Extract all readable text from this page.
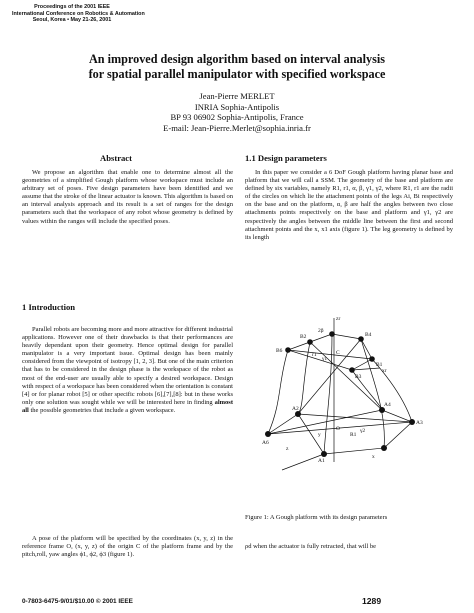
Proceedings of the 2001 IEEE
International Conference on Robotics & Automation
Seoul, Korea • May 21-26, 2001
An improved design algorithm based on interval analysis
for spatial parallel manipulator with specified workspace
Jean-Pierre MERLET
INRIA Sophia-Antipolis
BP 93 06902 Sophia-Antipolis, France
E-mail: Jean-Pierre.Merlet@sophia.inria.fr
Abstract
We propose an algorithm that enable one to determine almost all the geometries of a simplified Gough platform whose workspace must include an arbitrary set of poses. Five design parameters have been identified and we assume that the stroke of the linear actuator is known. This algorithm is based on an interval analysis approach and its result is a set of ranges for the design parameters such that the workspace of any robot whose geometry is defined by values within the ranges will include the specified poses.
1 Introduction
Parallel robots are becoming more and more attractive for different industrial applications. However one of their drawbacks is that their performances are heavily dependant upon their geometry. Hence optimal design for parallel manipulator is a very important issue. Optimal design has been mainly considered from the viewpoint of isotropy [1, 2, 3]. But one of the main criterion that has to be considered in the design phase is the workspace of the robot as most of the end-user are usually able to specify a desired workspace. Design with respect of a workspace has been considered when the orientation is constant [4] or for planar robot [5] or other specific robots [6],[7],[8]: but in these works only one solution was sought while we will be interested here in finding almost all the possible geometries that include a given workspace.
A pose of the platform will be specified by the coordinates (x, y, z) in the reference frame O, (x, y, z) of the origin C of the platform frame and by the pitch,roll, yaw angles ϕ1, ϕ2, ϕ3 (figure 1).
1.1 Design parameters
In this paper we consider a 6 DoF Gough platform having planar base and platform that we will call a SSM. The geometry of the base and platform are defined by six variables, namely R1, r1, α, β, γ1, γ2, where R1, r1 are the radii of the circles on which lie the attachment points of the legs Ai, Bi respectively on the base and on the platform, α, β are half the angles between two close attachments points respectively on the base and platform and γ1, γ2 are respectively the angles between the middle line between the first and second attachment points and the x, x1 axis (figure 1). The leg geometry is defined by its length
zr
B2
2β
B4
C
B6
r1
γ1
B3
B1
xr
A2
O
y	R1
γ2
A4
A3
A6
z
A1
x
Figure 1: A Gough platform with its design parameters
ρd when the actuator is fully retracted, that will be
0-7803-6475-9/01/$10.00 © 2001 IEEE	1289
